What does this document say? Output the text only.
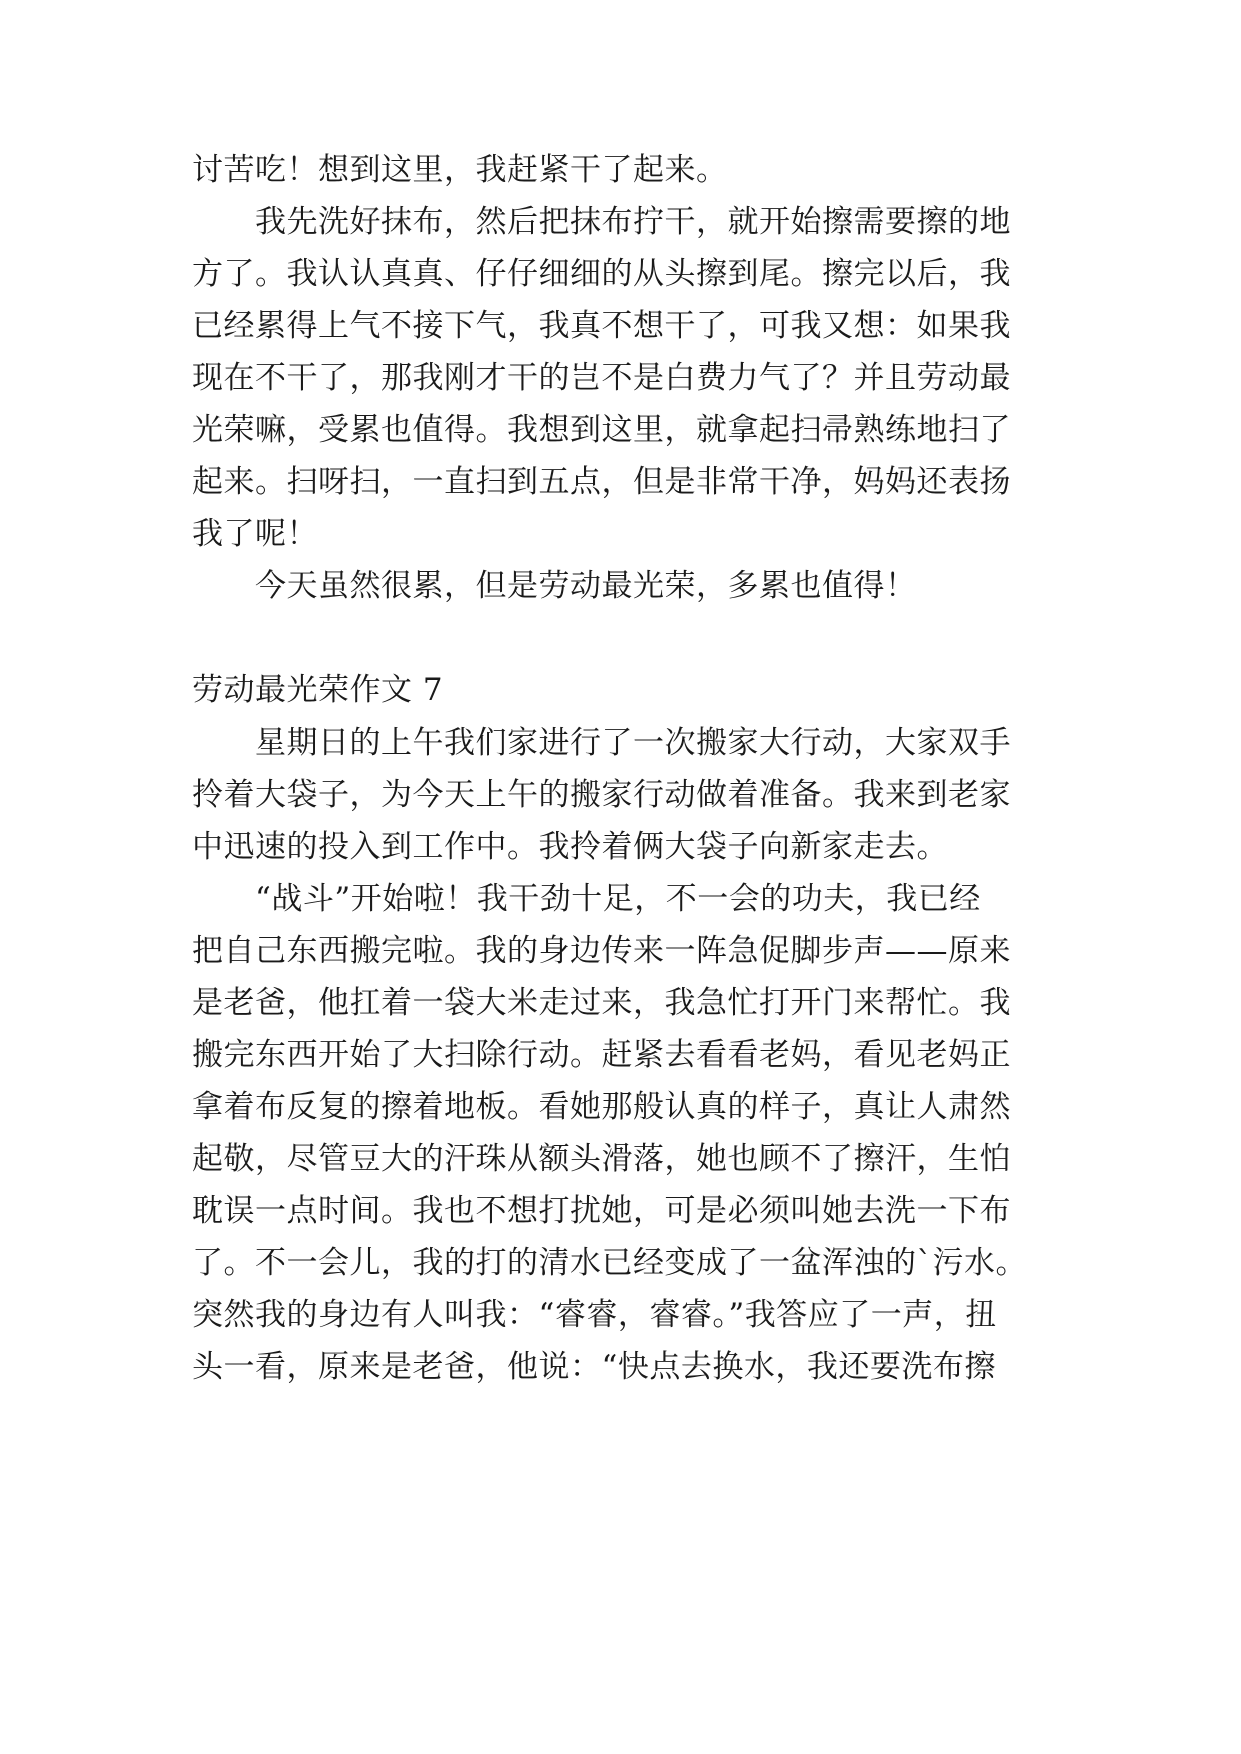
讨苦吃！想到这里，我赶紧干了起来。
我先洗好抹布，然后把抹布拧干，就开始擦需要擦的地
方了。我认认真真、仔仔细细的从头擦到尾。擦完以后，我
已经累得上气不接下气，我真不想干了，可我又想：如果我
现在不干了，那我刚才干的岂不是白费力气了？并且劳动最
光荣嘛，受累也值得。我想到这里，就拿起扫帚熟练地扫了
起来。扫呀扫，一直扫到五点，但是非常干净，妈妈还表扬
我了呢！
今天虽然很累，但是劳动最光荣，多累也值得！
劳动最光荣作文 7
星期日的上午我们家进行了一次搬家大行动，大家双手
拎着大袋子，为今天上午的搬家行动做着准备。我来到老家
中迅速的投入到工作中。我拎着俩大袋子向新家走去。
“战斗”开始啦！我干劲十足，不一会的功夫，我已经
把自己东西搬完啦。我的身边传来一阵急促脚步声——原来
是老爸，他扛着一袋大米走过来，我急忙打开门来帮忙。我
搬完东西开始了大扫除行动。赶紧去看看老妈，看见老妈正
拿着布反复的擦着地板。看她那般认真的样子，真让人肃然
起敬，尽管豆大的汗珠从额头滑落，她也顾不了擦汗，生怕
耽误一点时间。我也不想打扰她，可是必须叫她去洗一下布
了。不一会儿，我的打的清水已经变成了一盆浑浊的`污水。
突然我的身边有人叫我：“睿睿，睿睿。”我答应了一声，扭
头一看，原来是老爸，他说：“快点去换水，我还要洗布擦
